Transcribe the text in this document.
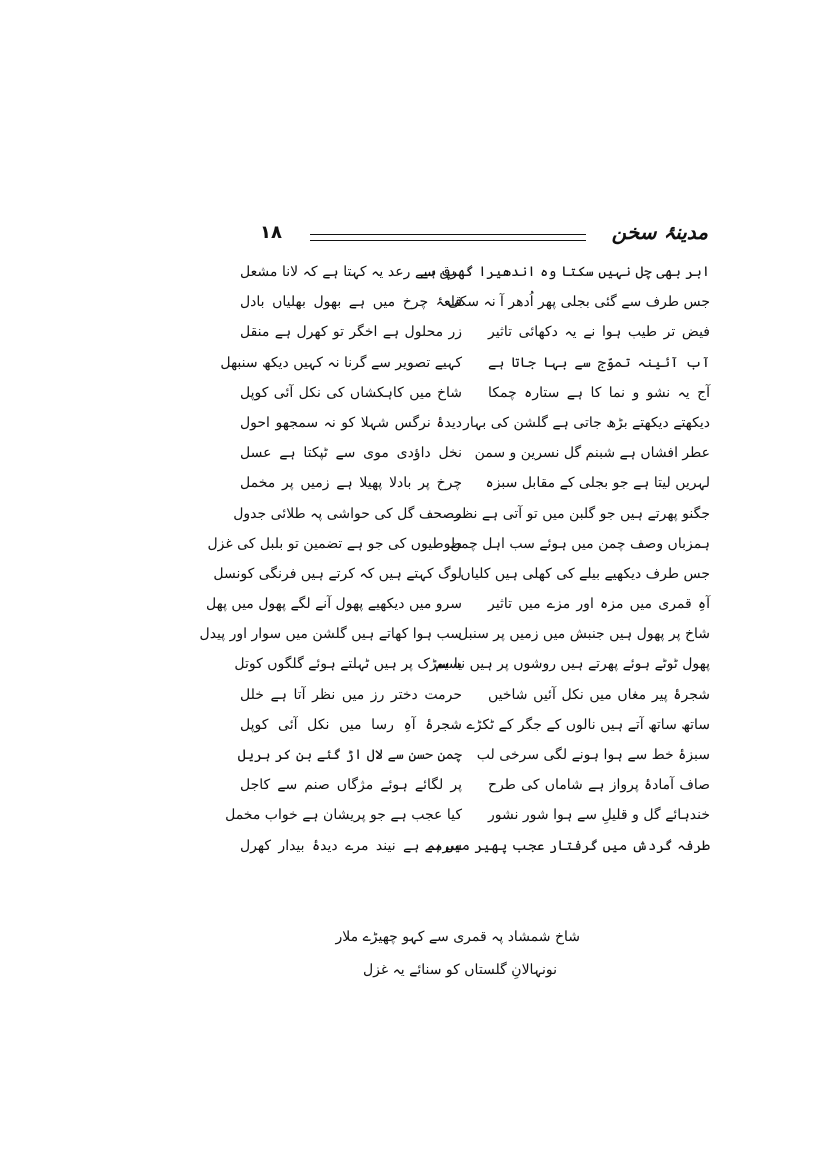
۱۸	مدینۂ سخن
ابر بھی چل نہیں سکتا وہ اندھیرا گھپ ہے
برق سے رعد یہ کہتا ہے کہ لانا مشعل
جس طرف سے گئی بجلی پھر اُدھر آ نہ سکی
قلعۂ چرخ میں ہے بھول بھلیاں بادل
فیض تر طیب ہوا نے یہ دکھائی تاثیر
زر محلول ہے اخگر تو کھرل ہے منقل
آب آئینہ تموّج سے بہا جاتا ہے
کہیے تصویر سے گرنا نہ کہیں دیکھ سنبھل
آج یہ نشو و نما کا ہے ستارہ چمکا
شاخ میں کاہکشاں کی نکل آئی کوپل
دیکھتے دیکھتے بڑھ جاتی ہے گلشن کی بہار
دیدۂ نرگس شہلا کو نہ سمجھو احول
عطر افشاں ہے شبنم گل نسرین و سمن
نخل داؤدی موی سے ٹپکتا ہے عسل
لہریں لیتا ہے جو بجلی کے مقابل سبزہ
چرخ پر بادلا پھیلا ہے زمیں پر مخمل
جگنو پھرتے ہیں جو گلبن میں تو آتی ہے نظر
مصحف گل کی حواشی پہ طلائی جدول
ہمزباں وصف چمن میں ہوئے سب اہل چمن
طوطیوں کی جو ہے تضمین تو بلبل کی غزل
جس طرف دیکھیے بیلے کی کھلی ہیں کلیاں
لوگ کہتے ہیں کہ کرتے ہیں فرنگی کونسل
آہِ قمری میں مزہ اور مزے میں تاثیر
سرو میں دیکھیے پھول آنے لگے پھول میں پھل
شاخ پر پھول ہیں جنبش میں زمیں پر سنبل
سب ہوا کھاتے ہیں گلشن میں سوار اور پیدل
پھول ٹوٹے ہوئے پھرتے ہیں روشوں پر ہیں نسیم
یا سڑک پر ہیں ٹہلتے ہوئے گلگوں کوتل
شجرۂ پیر مغاں میں نکل آئیں شاخیں
حرمت دختر رز میں نظر آتا ہے خلل
ساتھ ساتھ آتے ہیں نالوں کے جگر کے ٹکڑے
شجرۂ آہِ رسا میں نکل آئی کوپل
سبزۂ خط سے ہوا ہونے لگی سرخی لب
چمن حسن سے لال اڑ گئے بن کر ہریل
صاف آمادۂ پرواز ہے شاماں کی طرح
پر لگائے ہوئے مژگاں صنم سے کاجل
خندہائے گل و قلیلِ سے ہوا شور نشور
کیا عجب ہے جو پریشان ہے خواب مخمل
طرفہ گردش میں گرفتار عجب پھیر میں ہے
سرمہ ہے نیند مرے دیدۂ بیدار کھرل
شاخ شمشاد پہ قمری سے کہو چھیڑے ملار
نونہالانِ گلستاں کو سنائے یہ غزل
